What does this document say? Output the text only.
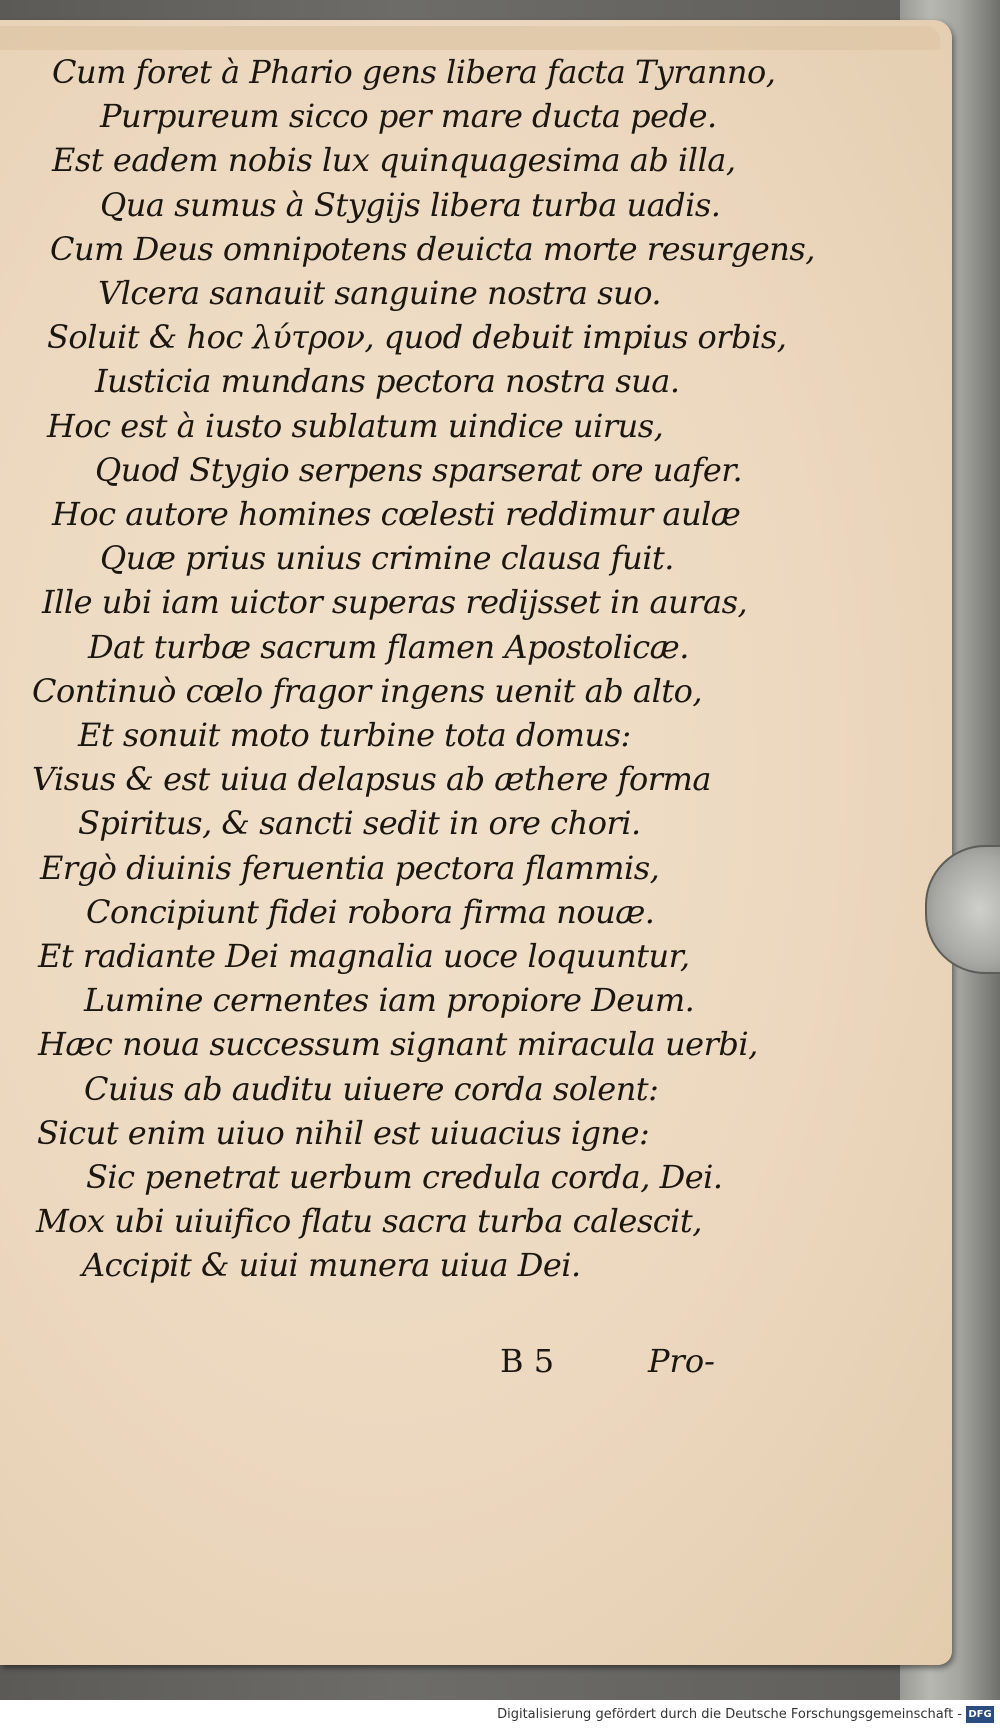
Cum foret à Phario gens libera facta Tyranno,
Purpureum sicco per mare ducta pede.
Est eadem nobis lux quinquagesima ab illa,
Qua sumus à Stygijs libera turba uadis.
Cum Deus omnipotens deuicta morte resurgens,
Vlcera sanauit sanguine nostra suo.
Soluit & hoc λύτρον, quod debuit impius orbis,
Iusticia mundans pectora nostra sua.
Hoc est à iusto sublatum uindice uirus,
Quod Stygio serpens sparserat ore uafer.
Hoc autore homines cœlesti reddimur aulæ
Quæ prius unius crimine clausa fuit.
Ille ubi iam uictor superas redijsset in auras,
Dat turbæ sacrum flamen Apostolicæ.
Continuò cœlo fragor ingens uenit ab alto,
Et sonuit moto turbine tota domus:
Visus & est uiua delapsus ab æthere forma
Spiritus, & sancti sedit in ore chori.
Ergò diuinis feruentia pectora flammis,
Concipiunt fidei robora firma nouæ.
Et radiante Dei magnalia uoce loquuntur,
Lumine cernentes iam propiore Deum.
Hæc noua successum signant miracula uerbi,
Cuius ab auditu uiuere corda solent:
Sicut enim uiuo nihil est uiuacius igne:
Sic penetrat uerbum credula corda, Dei.
Mox ubi uiuifico flatu sacra turba calescit,
Accipit & uiui munera uiua Dei.
B 5	Pro-
Digitalisierung gefördert durch die Deutsche Forschungsgemeinschaft - DFG
